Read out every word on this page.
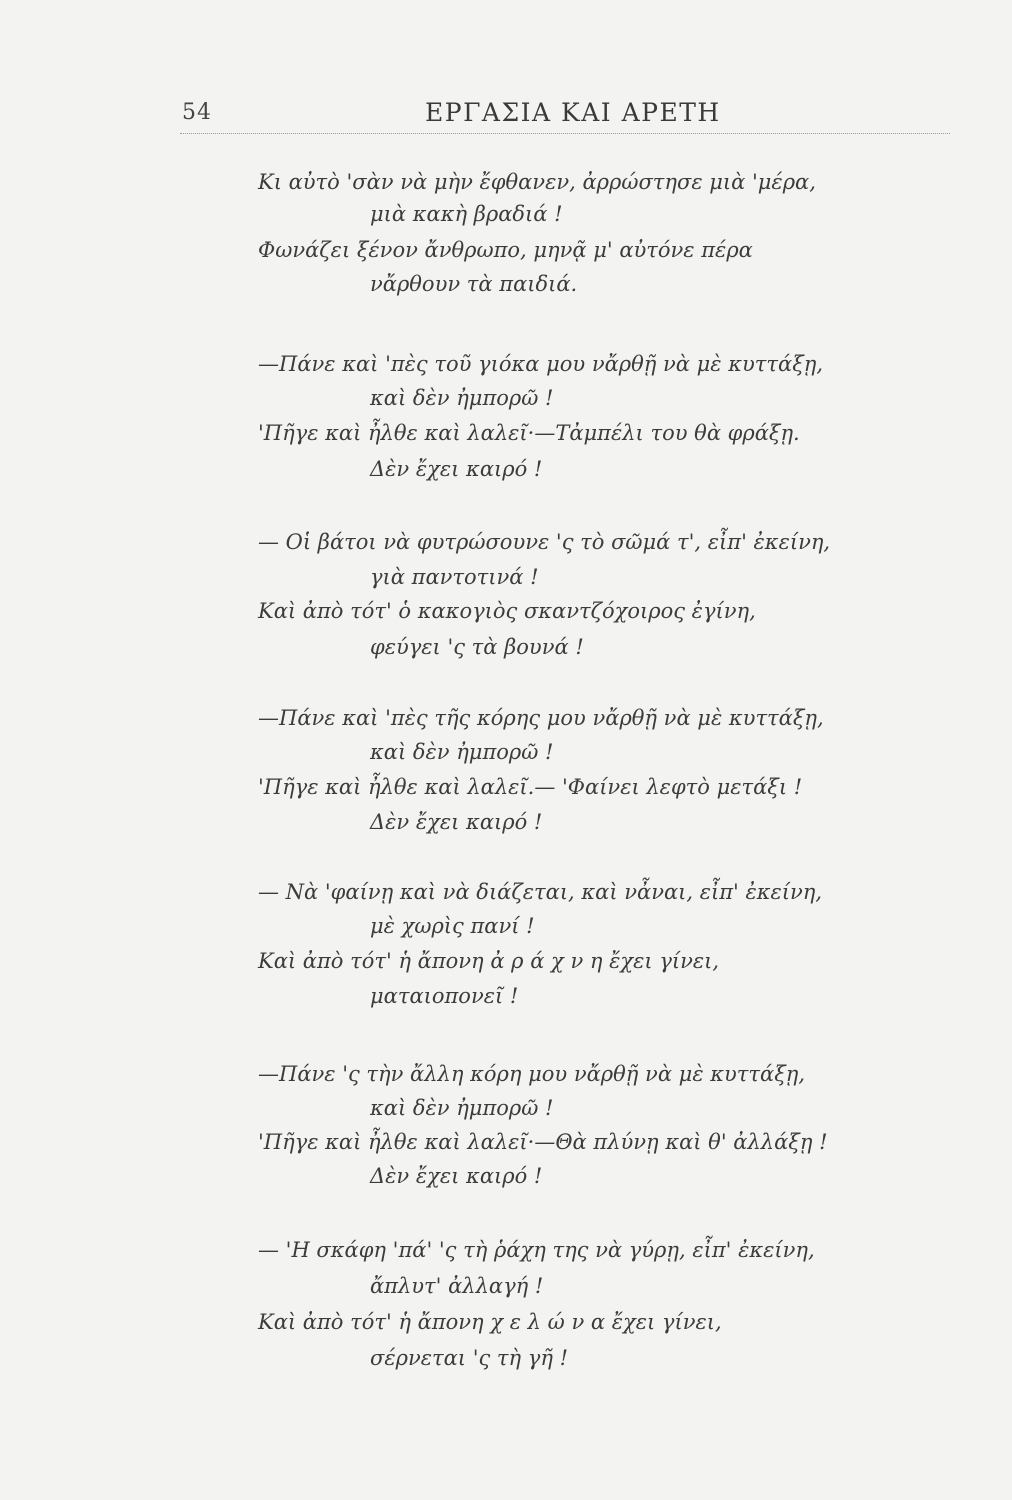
54	ΕΡΓΑΣΙΑ ΚΑΙ ΑΡΕΤΗ
Κι αὐτὸ 'σὰν νὰ μὴν ἔφθανεν, ἀρρώστησε μιὰ 'μέρα,
μιὰ κακὴ βραδιά !
Φωνάζει ξένον ἄνθρωπο, μηνᾷ μ' αὐτόνε πέρα
νἄρθουν τὰ παιδιά.
—Πάνε καὶ 'πὲς τοῦ γιόκα μου νἄρθῇ νὰ μὲ κυττάξῃ,
καὶ δὲν ἠμπορῶ !
'Πῆγε καὶ ἦλθε καὶ λαλεῖ·—Τἀμπέλι του θὰ φράξῃ.
Δὲν ἔχει καιρό !
— Οἱ βάτοι νὰ φυτρώσουνε 'ς τὸ σῶμά τ', εἶπ' ἐκείνη,
γιὰ παντοτινά !
Καὶ ἀπὸ τότ' ὁ κακογιὸς σκαντζόχοιρος ἐγίνη,
φεύγει 'ς τὰ βουνά !
—Πάνε καὶ 'πὲς τῆς κόρης μου νἄρθῇ νὰ μὲ κυττάξῃ,
καὶ δὲν ἠμπορῶ !
'Πῆγε καὶ ἦλθε καὶ λαλεῖ.— 'Φαίνει λεφτὸ μετάξι !
Δὲν ἔχει καιρό !
— Νὰ 'φαίνῃ καὶ νὰ διάζεται, καὶ νἆναι, εἶπ' ἐκείνη,
μὲ χωρὶς πανί !
Καὶ ἀπὸ τότ' ἡ ἄπονη ἀ ρ ά χ ν η ἔχει γίνει,
ματαιοπονεῖ !
—Πάνε 'ς τὴν ἄλλη κόρη μου νἄρθῇ νὰ μὲ κυττάξῃ,
καὶ δὲν ἠμπορῶ !
'Πῆγε καὶ ἦλθε καὶ λαλεῖ·—Θὰ πλύνῃ καὶ θ' ἀλλάξῃ !
Δὲν ἔχει καιρό !
— 'Η σκάφη 'πά' 'ς τὴ ῥάχη της νὰ γύρῃ, εἶπ' ἐκείνη,
ἄπλυτ' ἀλλαγή !
Καὶ ἀπὸ τότ' ἡ ἄπονη χ ε λ ώ ν α ἔχει γίνει,
σέρνεται 'ς τὴ γῆ !
